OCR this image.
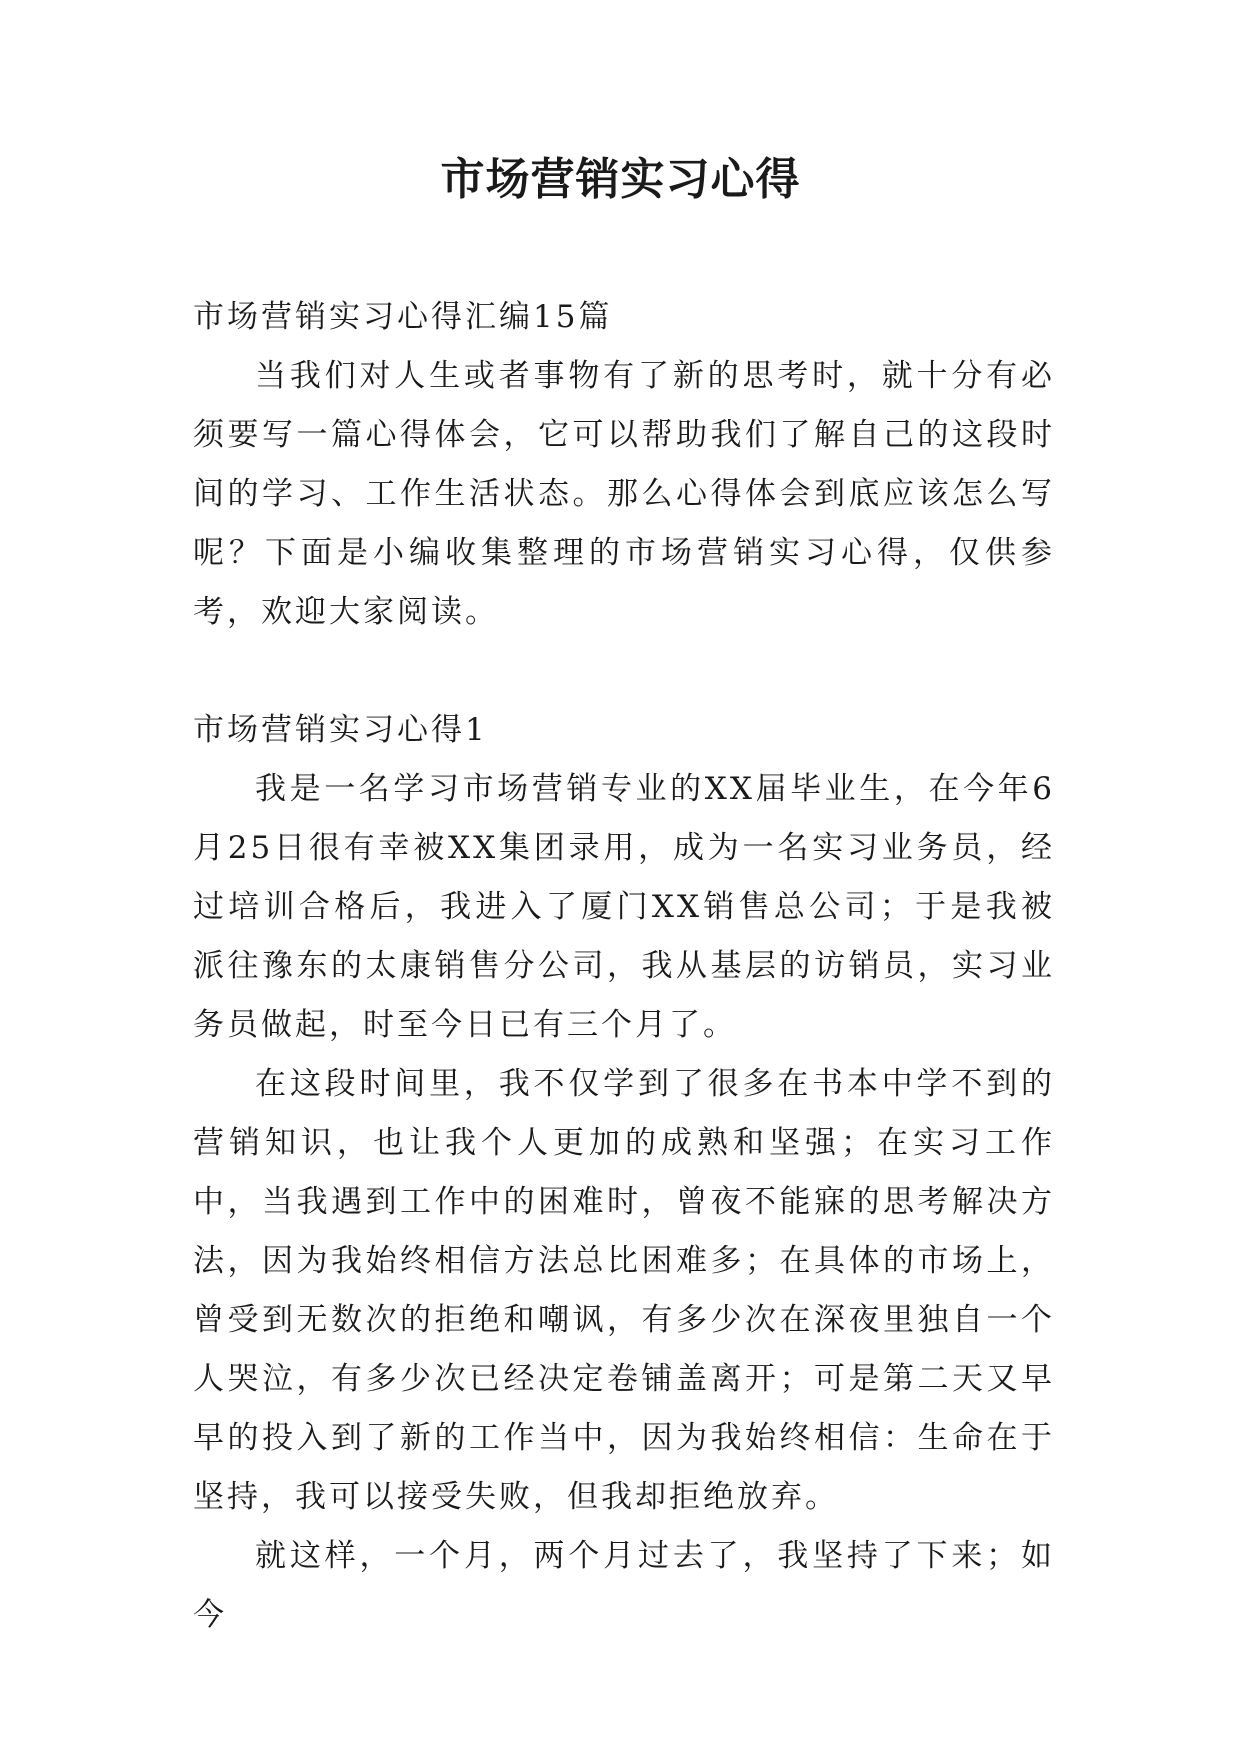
市场营销实习心得

市场营销实习心得汇编15篇

当我们对人生或者事物有了新的思考时，就十分有必须要写一篇心得体会，它可以帮助我们了解自己的这段时间的学习、工作生活状态。那么心得体会到底应该怎么写呢？下面是小编收集整理的市场营销实习心得，仅供参考，欢迎大家阅读。

市场营销实习心得1

我是一名学习市场营销专业的XX届毕业生，在今年6月25日很有幸被XX集团录用，成为一名实习业务员，经过培训合格后，我进入了厦门XX销售总公司；于是我被派往豫东的太康销售分公司，我从基层的访销员，实习业务员做起，时至今日已有三个月了。

在这段时间里，我不仅学到了很多在书本中学不到的营销知识，也让我个人更加的成熟和坚强；在实习工作中，当我遇到工作中的困难时，曾夜不能寐的思考解决方法，因为我始终相信方法总比困难多；在具体的市场上，曾受到无数次的拒绝和嘲讽，有多少次在深夜里独自一个人哭泣，有多少次已经决定卷铺盖离开；可是第二天又早早的投入到了新的工作当中，因为我始终相信：生命在于坚持，我可以接受失败，但我却拒绝放弃。

就这样，一个月，两个月过去了，我坚持了下来；如今
